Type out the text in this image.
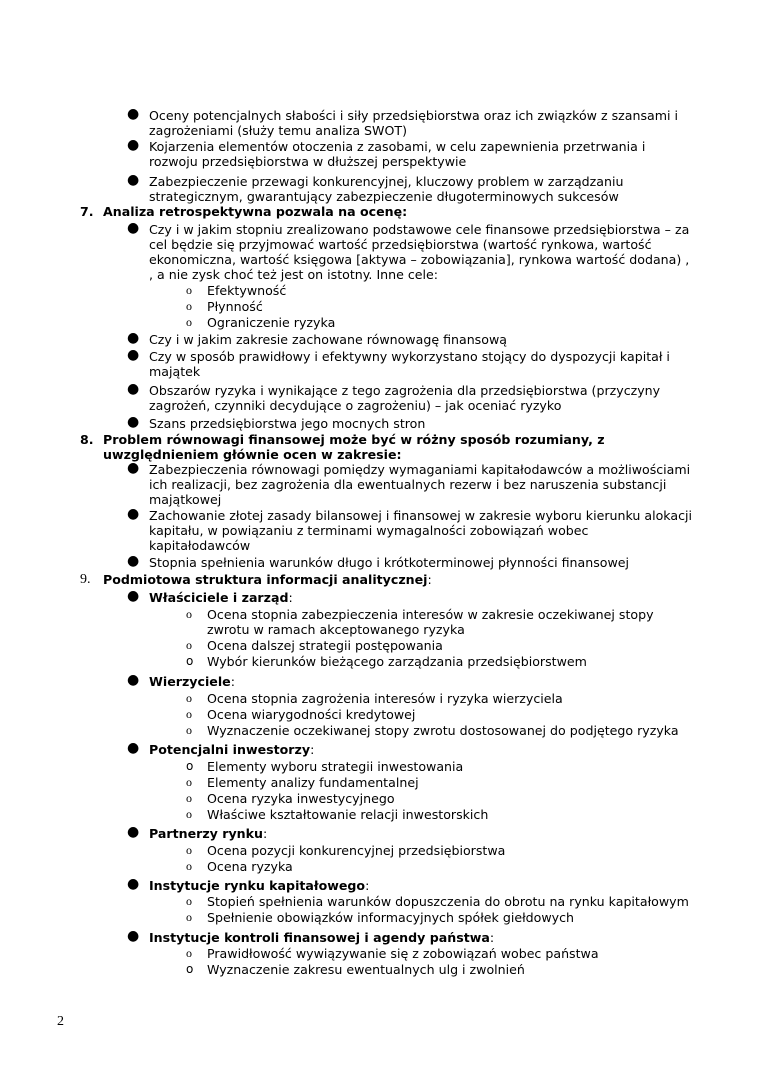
● Oceny potencjalnych słabości i siły przedsiębiorstwa oraz ich związków z szansami i
zagrożeniami (służy temu analiza SWOT)
● Kojarzenia elementów otoczenia z zasobami, w celu zapewnienia przetrwania i
rozwoju przedsiębiorstwa w dłuższej perspektywie
● Zabezpieczenie przewagi konkurencyjnej, kluczowy problem w zarządzaniu
strategicznym, gwarantujący zabezpieczenie długoterminowych sukcesów
7. Analiza retrospektywna pozwala na ocenę:
● Czy i w jakim stopniu zrealizowano podstawowe cele finansowe przedsiębiorstwa – za
cel będzie się przyjmować wartość przedsiębiorstwa (wartość rynkowa, wartość
ekonomiczna, wartość księgowa [aktywa – zobowiązania], rynkowa wartość dodana) ,
, a nie zysk choć też jest on istotny. Inne cele:
o Efektywność
o Płynność
o Ograniczenie ryzyka
● Czy i w jakim zakresie zachowane równowagę finansową
● Czy w sposób prawidłowy i efektywny wykorzystano stojący do dyspozycji kapitał i
majątek
● Obszarów ryzyka i wynikające z tego zagrożenia dla przedsiębiorstwa (przyczyny
zagrożeń, czynniki decydujące o zagrożeniu) – jak oceniać ryzyko
● Szans przedsiębiorstwa jego mocnych stron
8. Problem równowagi finansowej może być w różny sposób rozumiany, z
uwzględnieniem głównie ocen w zakresie:
● Zabezpieczenia równowagi pomiędzy wymaganiami kapitałodawców a możliwościami
ich realizacji, bez zagrożenia dla ewentualnych rezerw i bez naruszenia substancji
majątkowej
● Zachowanie złotej zasady bilansowej i finansowej w zakresie wyboru kierunku alokacji
kapitału, w powiązaniu z terminami wymagalności zobowiązań wobec
kapitałodawców
● Stopnia spełnienia warunków długo i krótkoterminowej płynności finansowej
9. Podmiotowa struktura informacji analitycznej:
● Właściciele i zarząd:
o Ocena stopnia zabezpieczenia interesów w zakresie oczekiwanej stopy
zwrotu w ramach akceptowanego ryzyka
o Ocena dalszej strategii postępowania
o Wybór kierunków bieżącego zarządzania przedsiębiorstwem
● Wierzyciele:
o Ocena stopnia zagrożenia interesów i ryzyka wierzyciela
o Ocena wiarygodności kredytowej
o Wyznaczenie oczekiwanej stopy zwrotu dostosowanej do podjętego ryzyka
● Potencjalni inwestorzy:
o Elementy wyboru strategii inwestowania
o Elementy analizy fundamentalnej
o Ocena ryzyka inwestycyjnego
o Właściwe kształtowanie relacji inwestorskich
● Partnerzy rynku:
o Ocena pozycji konkurencyjnej przedsiębiorstwa
o Ocena ryzyka
● Instytucje rynku kapitałowego:
o Stopień spełnienia warunków dopuszczenia do obrotu na rynku kapitałowym
o Spełnienie obowiązków informacyjnych spółek giełdowych
● Instytucje kontroli finansowej i agendy państwa:
o Prawidłowość wywiązywanie się z zobowiązań wobec państwa
o Wyznaczenie zakresu ewentualnych ulg i zwolnień
2
